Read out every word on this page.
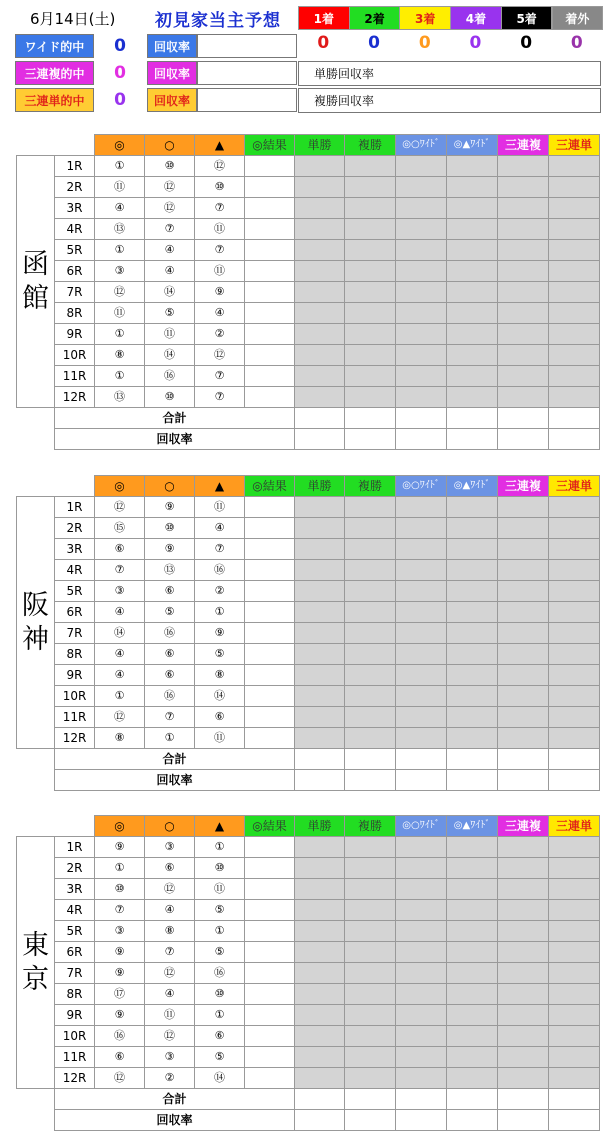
6月14日(土) 初見家当主予想	1着	2着	3着	4着	5着	着外
0	0	0	0	0	0
ワイド的中	0	回収率
三連複的中	0	回収率
三連単的中	0	回収率
単勝回収率
複勝回収率
		◎	○	▲	◎結果	単勝	複勝	◎○ﾜｲﾄﾞ	◎▲ﾜｲﾄﾞ	三連複	三連単
函館	1R	①	⑩	⑫							
	2R	⑪	⑫	⑩							
	3R	④	⑫	⑦							
	4R	⑬	⑦	⑪							
	5R	①	④	⑦							
	6R	③	④	⑪							
	7R	⑫	⑭	⑨							
	8R	⑪	⑤	④							
	9R	①	⑪	②							
	10R	⑧	⑭	⑫							
	11R	①	⑯	⑦							
	12R	⑬	⑩	⑦							
	合計										
	回収率										
		◎	○	▲	◎結果	単勝	複勝	◎○ﾜｲﾄﾞ	◎▲ﾜｲﾄﾞ	三連複	三連単
阪神	1R	⑫	⑨	⑪							
	2R	⑮	⑩	④							
	3R	⑥	⑨	⑦							
	4R	⑦	⑬	⑯							
	5R	③	⑥	②							
	6R	④	⑤	①							
	7R	⑭	⑯	⑨							
	8R	④	⑥	⑤							
	9R	④	⑥	⑧							
	10R	①	⑯	⑭							
	11R	⑫	⑦	⑥							
	12R	⑧	①	⑪							
	合計										
	回収率										
		◎	○	▲	◎結果	単勝	複勝	◎○ﾜｲﾄﾞ	◎▲ﾜｲﾄﾞ	三連複	三連単
東京	1R	⑨	③	①							
	2R	①	⑥	⑩							
	3R	⑩	⑫	⑪							
	4R	⑦	④	⑤							
	5R	③	⑧	①							
	6R	⑨	⑦	⑤							
	7R	⑨	⑫	⑯							
	8R	⑰	④	⑩							
	9R	⑨	⑪	①							
	10R	⑯	⑫	⑥							
	11R	⑥	③	⑤							
	12R	⑫	②	⑭							
	合計										
	回収率										
